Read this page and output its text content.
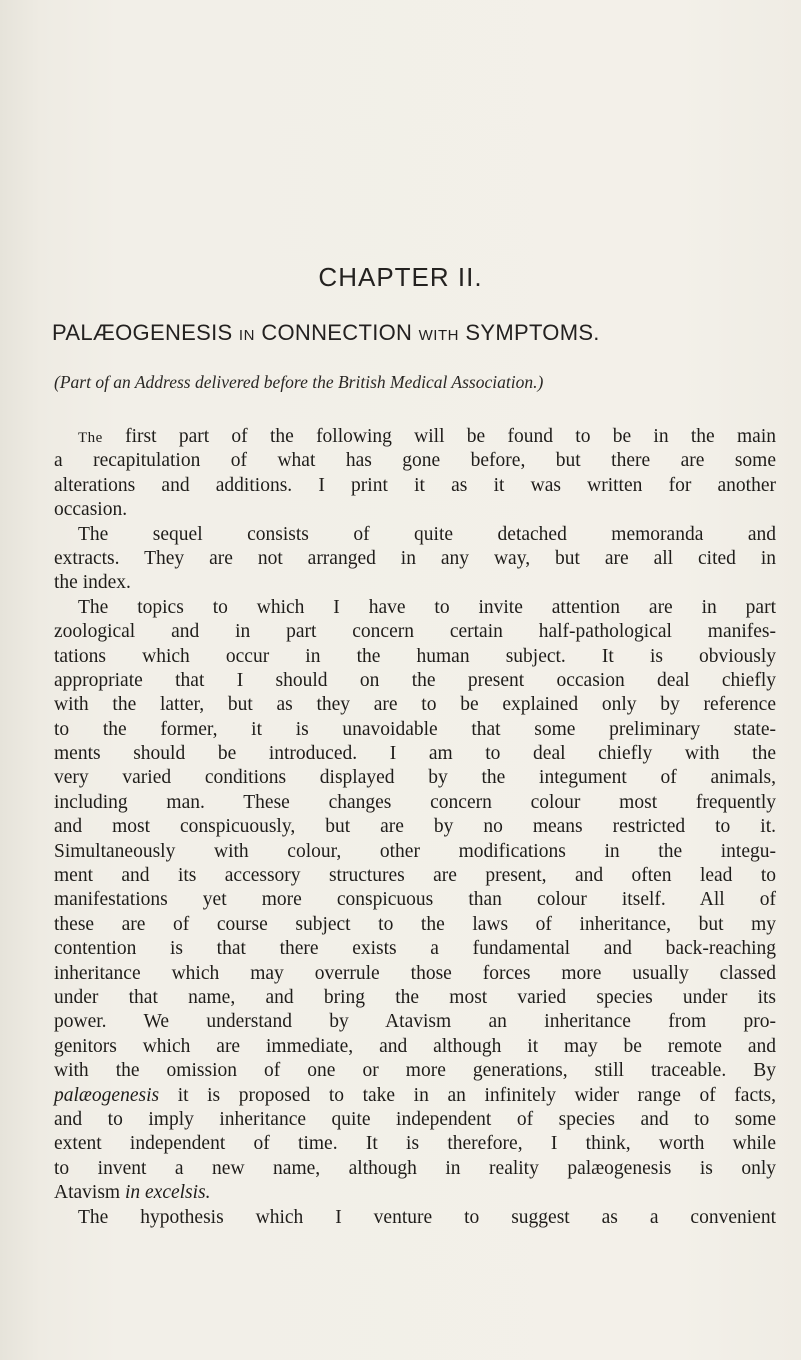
CHAPTER II.
PALÆOGENESIS IN CONNECTION WITH SYMPTOMS.
(Part of an Address delivered before the British Medical Association.)
The first part of the following will be found to be in the main
a recapitulation of what has gone before, but there are some
alterations and additions. I print it as it was written for another
occasion.
The sequel consists of quite detached memoranda and
extracts. They are not arranged in any way, but are all cited in
the index.
The topics to which I have to invite attention are in part
zoological and in part concern certain half-pathological manifes-
tations which occur in the human subject. It is obviously
appropriate that I should on the present occasion deal chiefly
with the latter, but as they are to be explained only by reference
to the former, it is unavoidable that some preliminary state-
ments should be introduced. I am to deal chiefly with the
very varied conditions displayed by the integument of animals,
including man. These changes concern colour most frequently
and most conspicuously, but are by no means restricted to it.
Simultaneously with colour, other modifications in the integu-
ment and its accessory structures are present, and often lead to
manifestations yet more conspicuous than colour itself. All of
these are of course subject to the laws of inheritance, but my
contention is that there exists a fundamental and back-reaching
inheritance which may overrule those forces more usually classed
under that name, and bring the most varied species under its
power. We understand by Atavism an inheritance from pro-
genitors which are immediate, and although it may be remote and
with the omission of one or more generations, still traceable. By
palæogenesis it is proposed to take in an infinitely wider range of facts,
and to imply inheritance quite independent of species and to some
extent independent of time. It is therefore, I think, worth while
to invent a new name, although in reality palæogenesis is only
Atavism in excelsis.
The hypothesis which I venture to suggest as a convenient
